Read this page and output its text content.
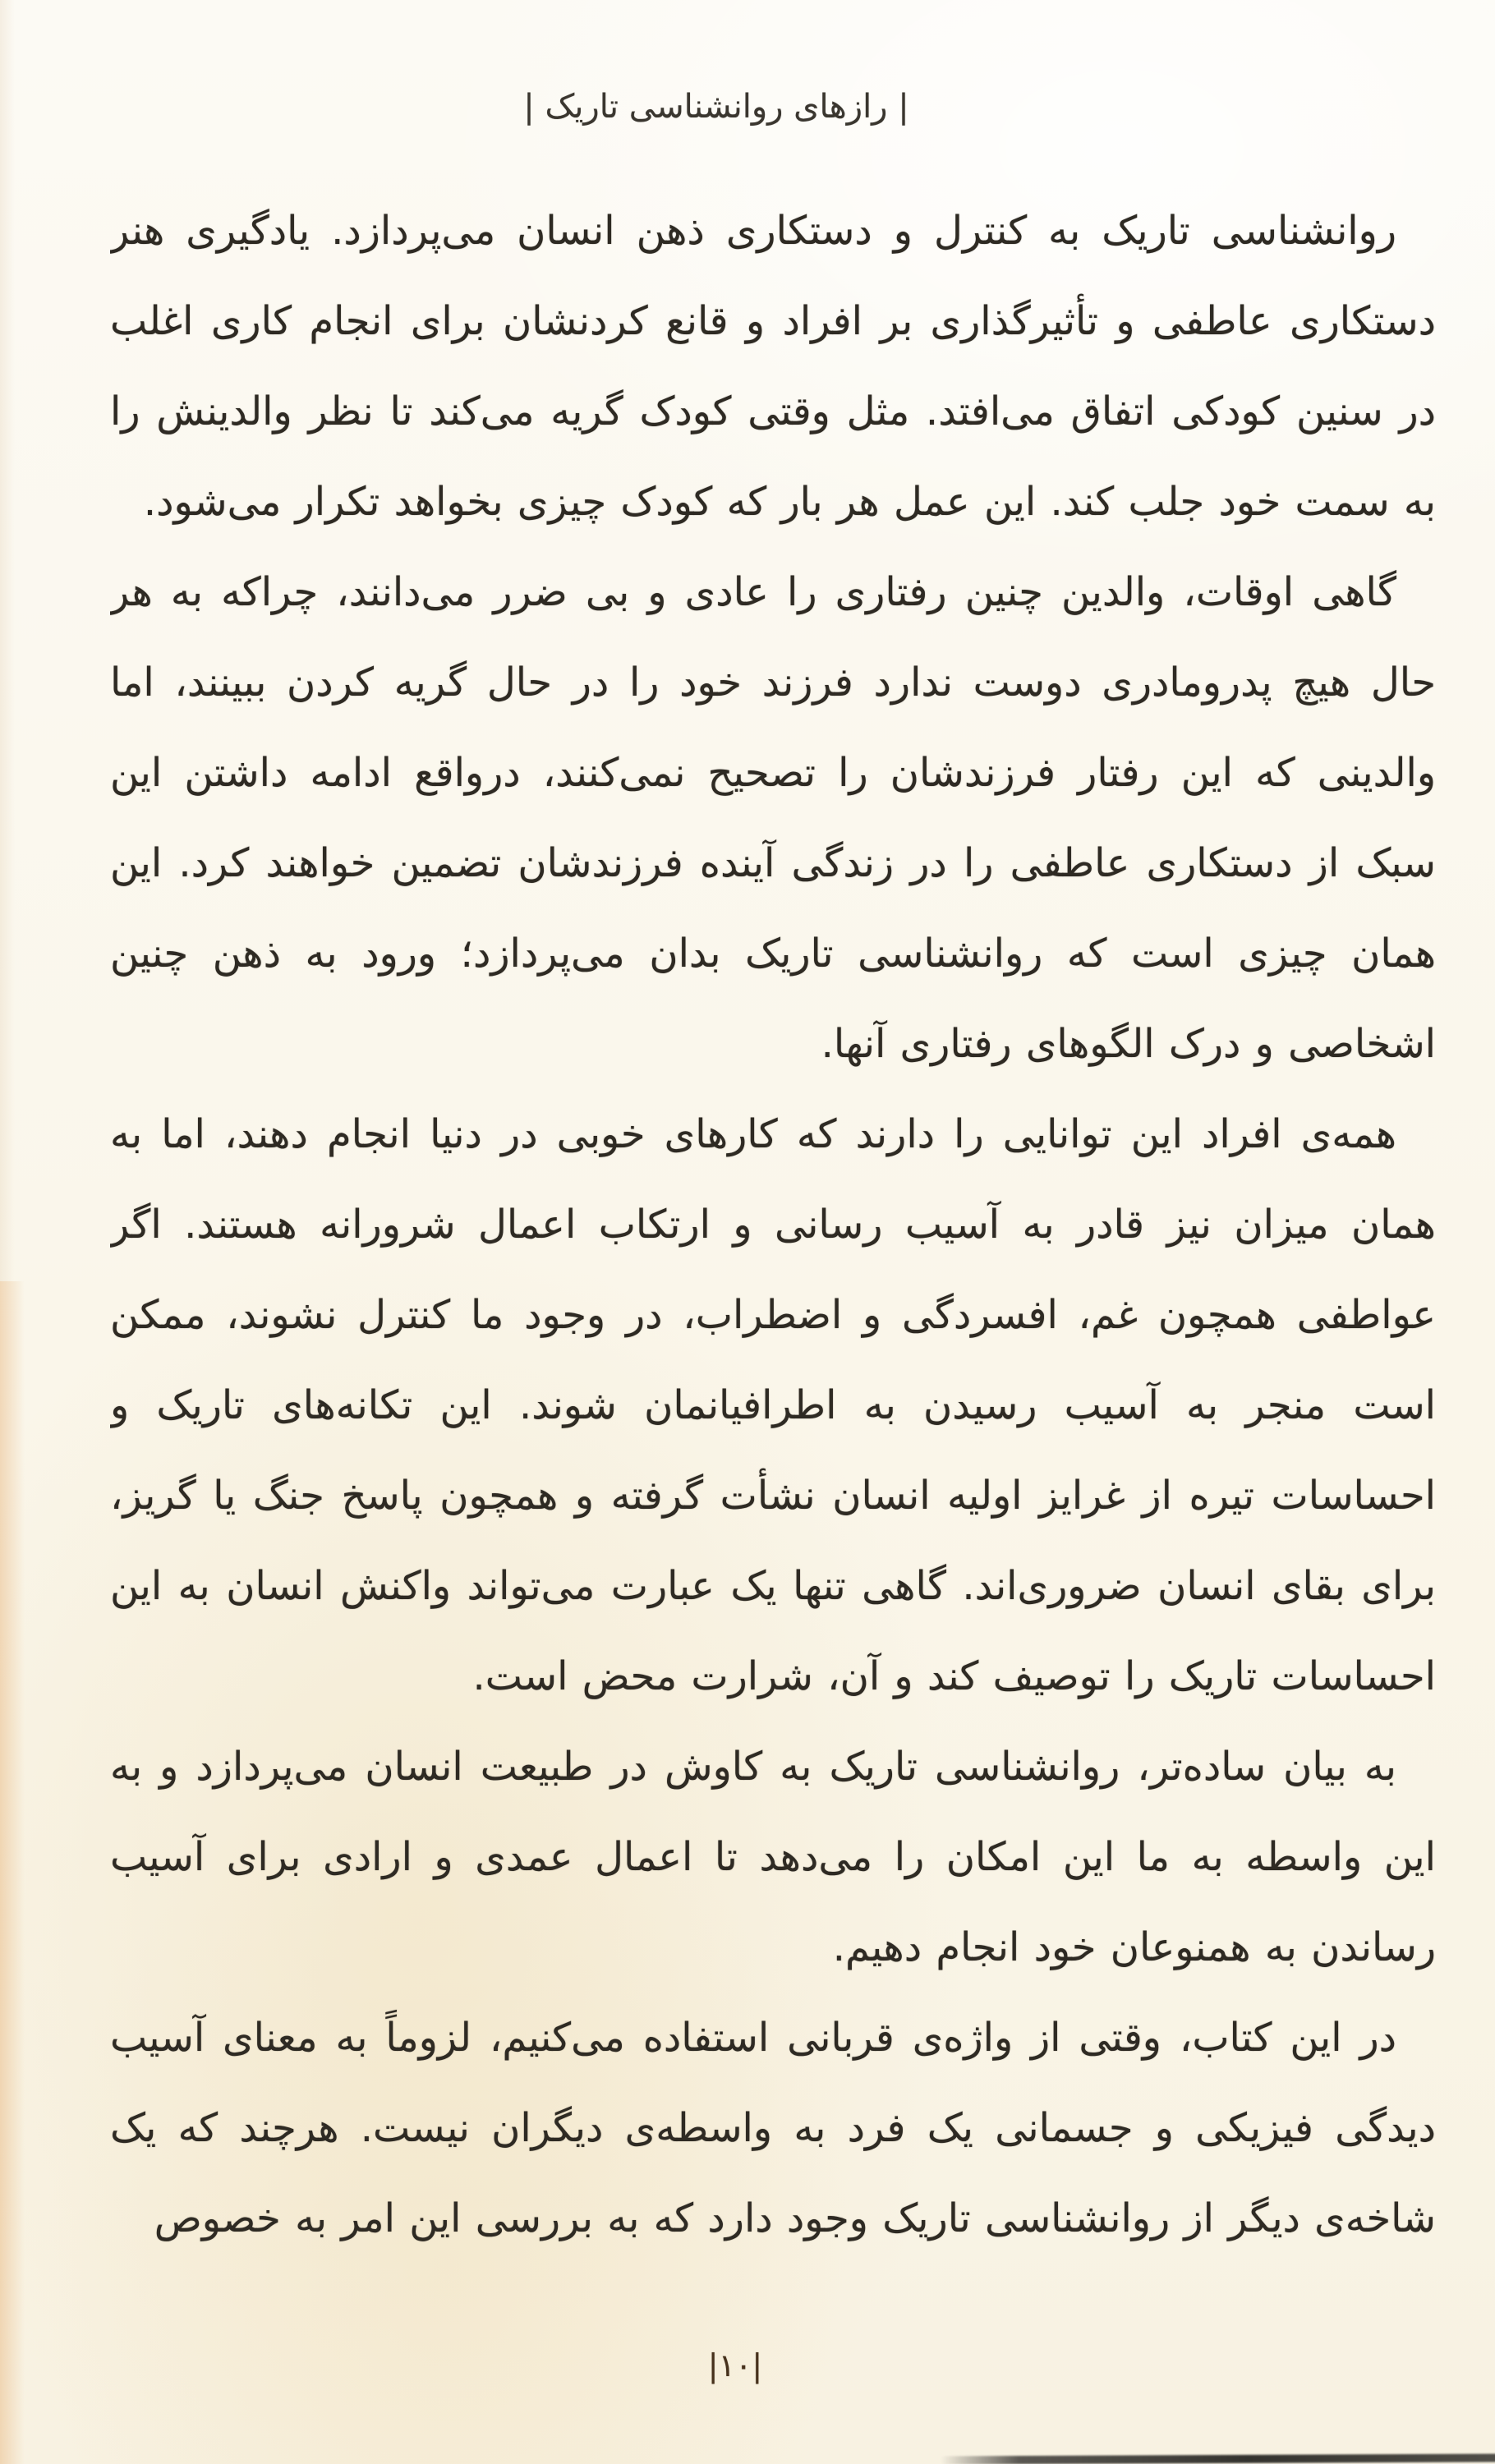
| رازهای روانشناسی تاریک |

روانشناسی تاریک به کنترل و دستکاری ذهن انسان می‌پردازد. یادگیری هنر دستکاری عاطفی و تأثیرگذاری بر افراد و قانع کردنشان برای انجام کاری اغلب در سنین کودکی اتفاق می‌افتد. مثل وقتی کودک گریه می‌کند تا نظر والدینش را به سمت خود جلب کند. این عمل هر بار که کودک چیزی بخواهد تکرار می‌شود.

گاهی اوقات، والدین چنین رفتاری را عادی و بی ضرر می‌دانند، چراکه به هر حال هیچ پدرومادری دوست ندارد فرزند خود را در حال گریه کردن ببینند، اما والدینی که این رفتار فرزندشان را تصحیح نمی‌کنند، درواقع ادامه داشتن این سبک از دستکاری عاطفی را در زندگی آینده فرزندشان تضمین خواهند کرد. این همان چیزی است که روانشناسی تاریک بدان می‌پردازد؛ ورود به ذهن چنین اشخاصی و درک الگوهای رفتاری آنها.

همه‌ی افراد این توانایی را دارند که کارهای خوبی در دنیا انجام دهند، اما به همان میزان نیز قادر به آسیب رسانی و ارتکاب اعمال شرورانه هستند. اگر عواطفی همچون غم، افسردگی و اضطراب، در وجود ما کنترل نشوند، ممکن است منجر به آسیب رسیدن به اطرافیانمان شوند. این تکانه‌های تاریک و احساسات تیره از غرایز اولیه انسان نشأت گرفته و همچون پاسخ جنگ یا گریز، برای بقای انسان ضروری‌اند. گاهی تنها یک عبارت می‌تواند واکنش انسان به این احساسات تاریک را توصیف کند و آن، شرارت محض است.

به بیان ساده‌تر، روانشناسی تاریک به کاوش در طبیعت انسان می‌پردازد و به این واسطه به ما این امکان را می‌دهد تا اعمال عمدی و ارادی برای آسیب رساندن به همنوعان خود انجام دهیم.

در این کتاب، وقتی از واژه‌ی قربانی استفاده می‌کنیم، لزوماً به معنای آسیب دیدگی فیزیکی و جسمانی یک فرد به واسطه‌ی دیگران نیست. هرچند که یک شاخه‌ی دیگر از روانشناسی تاریک وجود دارد که به بررسی این امر به خصوص

|۱۰|
